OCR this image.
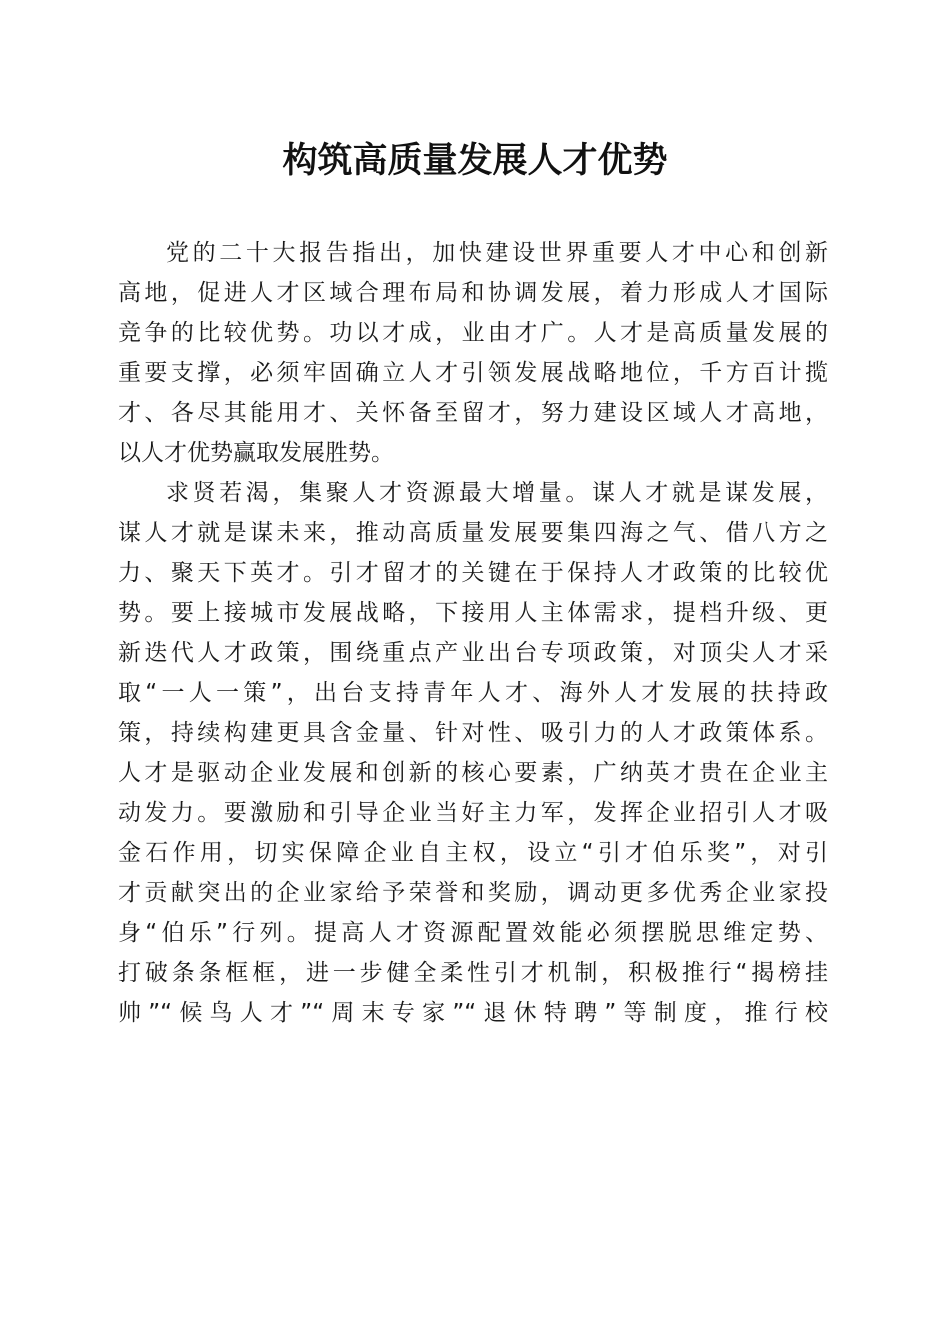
构筑高质量发展人才优势
党的二十大报告指出，加快建设世界重要人才中心和创新
高地，促进人才区域合理布局和协调发展，着力形成人才国际
竞争的比较优势。功以才成，业由才广。人才是高质量发展的
重要支撑，必须牢固确立人才引领发展战略地位，千方百计揽
才、各尽其能用才、关怀备至留才，努力建设区域人才高地，
以人才优势赢取发展胜势。
求贤若渴，集聚人才资源最大增量。谋人才就是谋发展，
谋人才就是谋未来，推动高质量发展要集四海之气、借八方之
力、聚天下英才。引才留才的关键在于保持人才政策的比较优
势。要上接城市发展战略，下接用人主体需求，提档升级、更
新迭代人才政策，围绕重点产业出台专项政策，对顶尖人才采
取“一人一策”，出台支持青年人才、海外人才发展的扶持政
策，持续构建更具含金量、针对性、吸引力的人才政策体系。
人才是驱动企业发展和创新的核心要素，广纳英才贵在企业主
动发力。要激励和引导企业当好主力军，发挥企业招引人才吸
金石作用，切实保障企业自主权，设立“引才伯乐奖”，对引
才贡献突出的企业家给予荣誉和奖励，调动更多优秀企业家投
身“伯乐”行列。提高人才资源配置效能必须摆脱思维定势、
打破条条框框，进一步健全柔性引才机制，积极推行“揭榜挂
帅”“候鸟人才”“周末专家”“退休特聘”等制度，推行校
